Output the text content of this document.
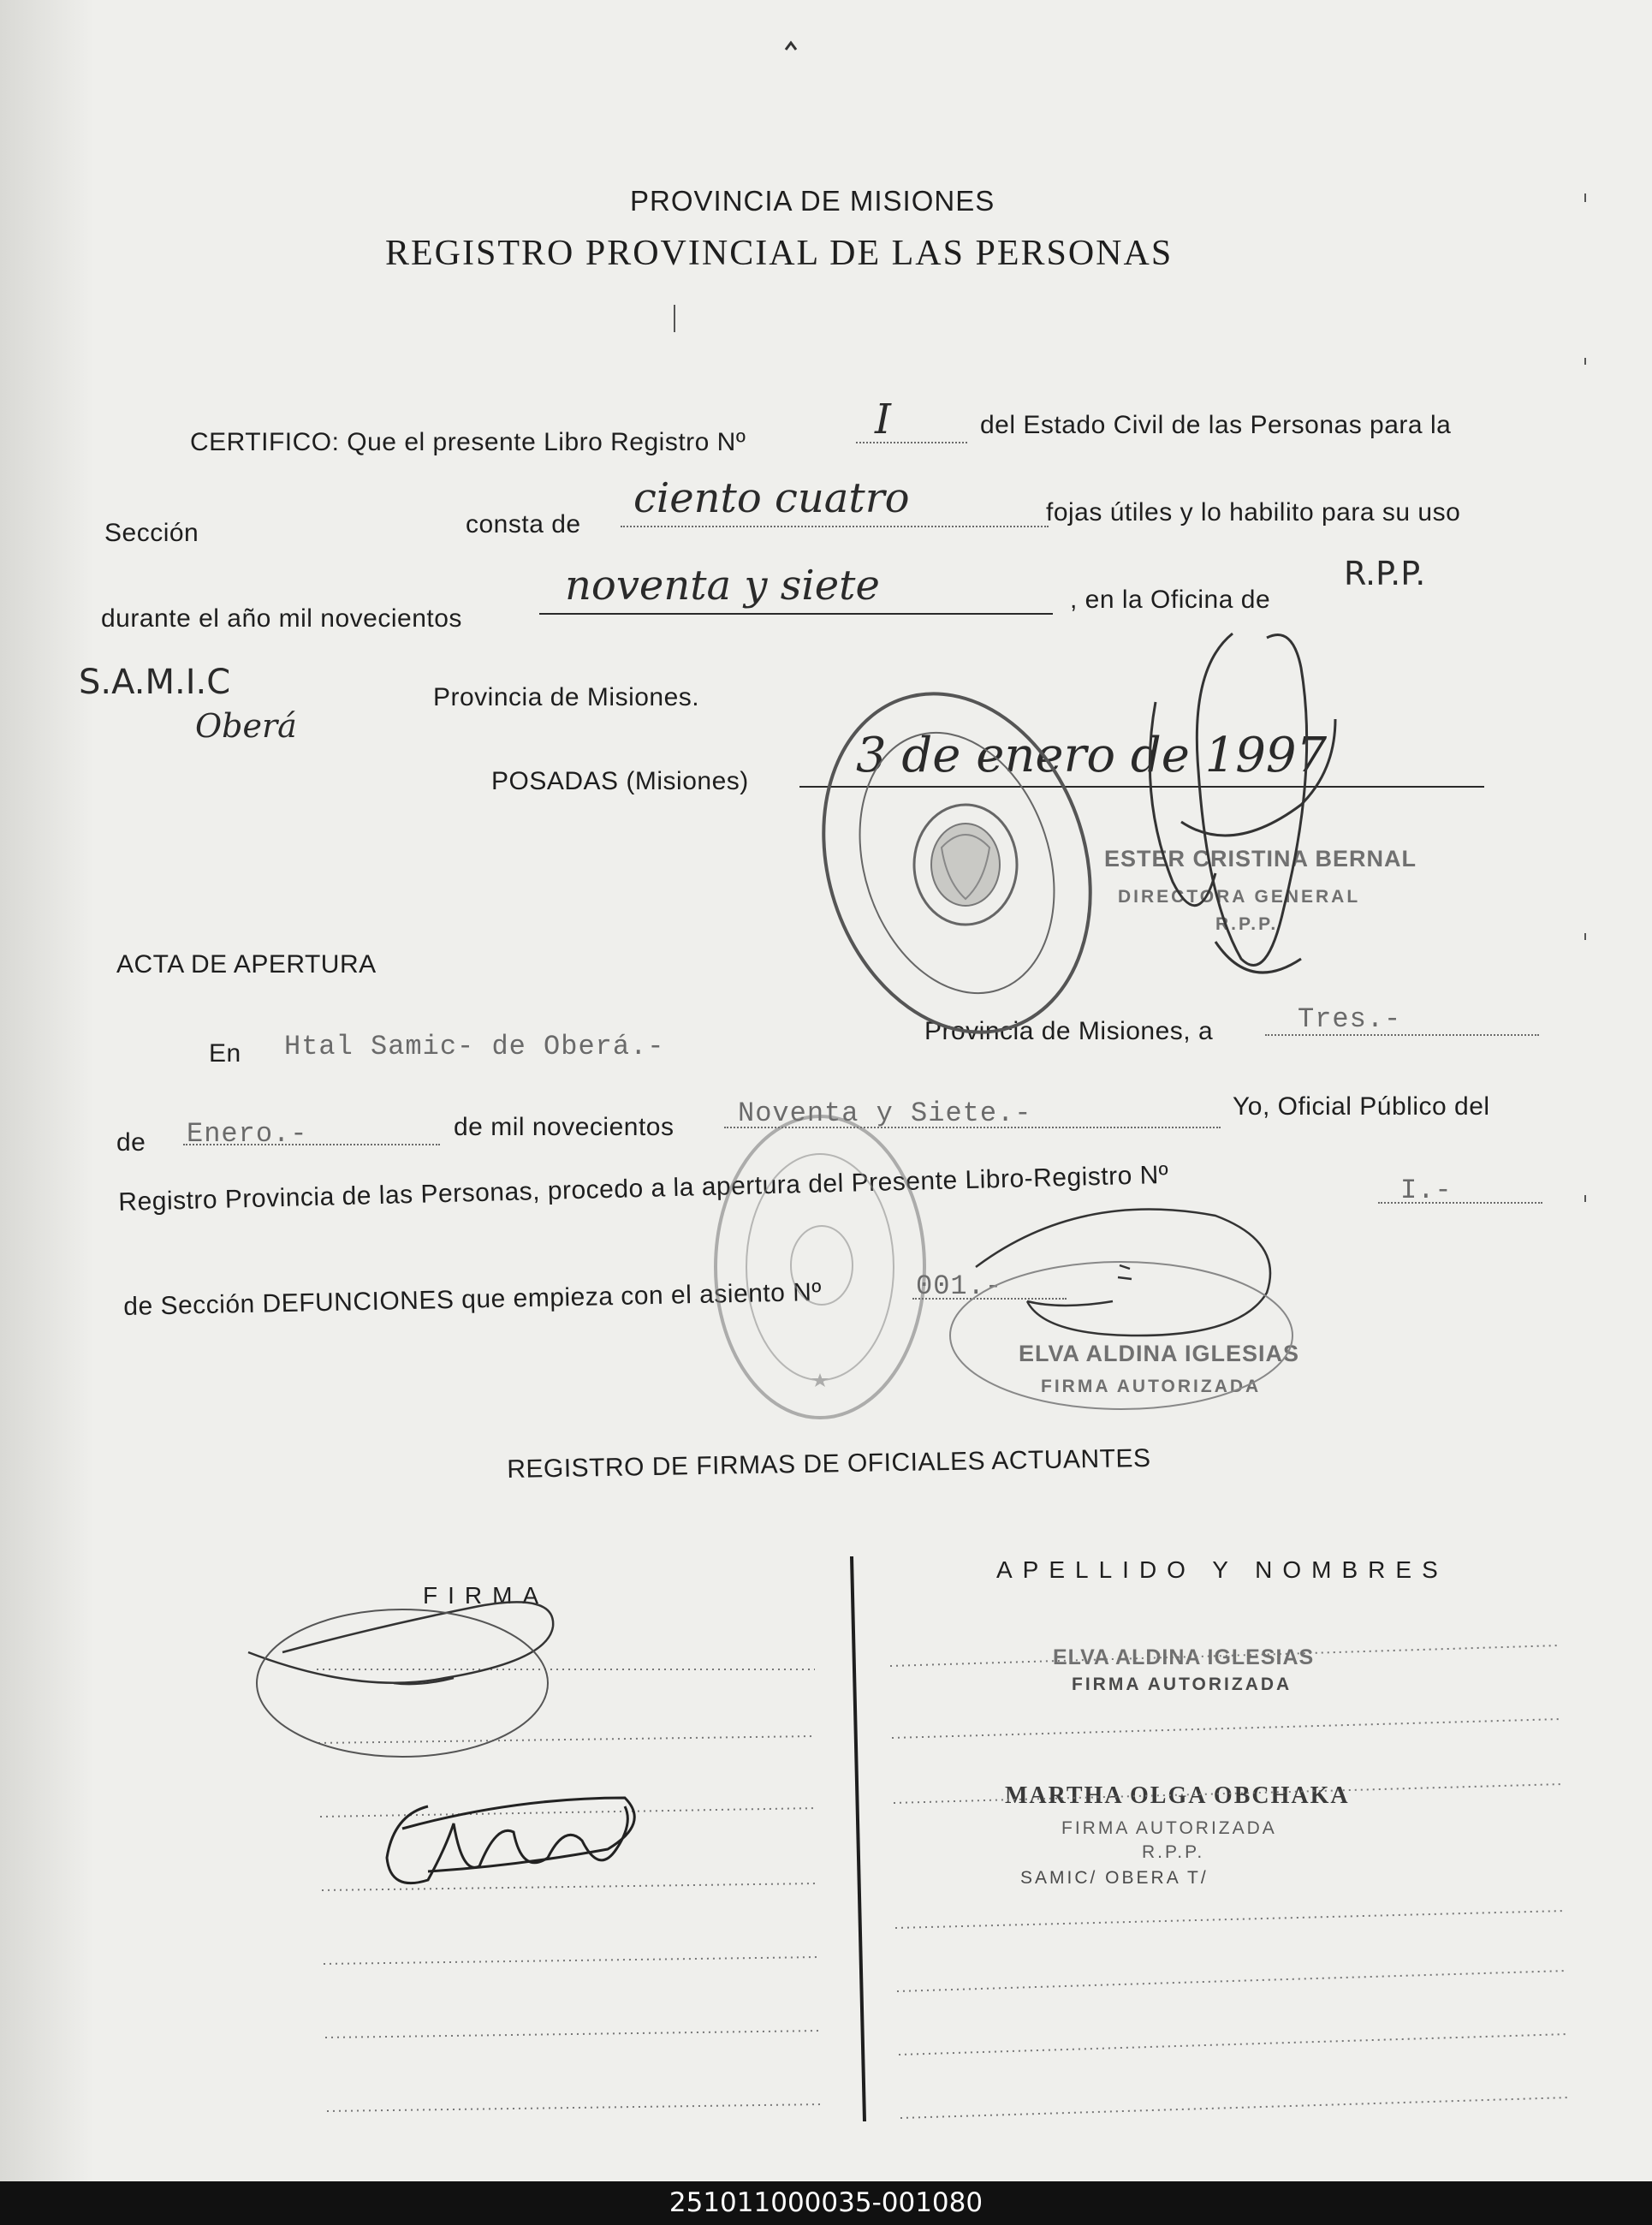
PROVINCIA DE MISIONES
REGISTRO PROVINCIAL DE LAS PERSONAS
CERTIFICO: Que el presente Libro Registro Nº	I	del Estado Civil de las Personas para la
Sección	consta de
ciento cuatro	fojas útiles y lo habilito para su uso
durante el año mil novecientos
noventa y siete	, en la Oficina de
R.P.P.
S.A.M.I.C
Oberá
Provincia de Misiones.
POSADAS (Misiones) 3 de enero de 1997
ESTER CRISTINA BERNAL
DIRECTORA GENERAL
R.P.P.
ACTA DE APERTURA
En Htal Samic- de Oberá.-	Provincia de Misiones, a	Tres.-
de Enero.-	de mil novecientos Noventa y Siete.-	Yo, Oficial Público del
Registro Provincia de las Personas, procedo a la apertura del Presente Libro-Registro Nº	I.-
de Sección DEFUNCIONES que empieza con el asiento Nº	001.-
ELVA ALDINA IGLESIAS
FIRMA AUTORIZADA
REGISTRO DE FIRMAS DE OFICIALES ACTUANTES
FIRMA
APELLIDO Y NOMBRES
ELVA ALDINA IGLESIAS
FIRMA AUTORIZADA
MARTHA OLGA OBCHAKA
FIRMA AUTORIZADA
R.P.P.
SAMIC/ OBERA T/
251011000035-001080
